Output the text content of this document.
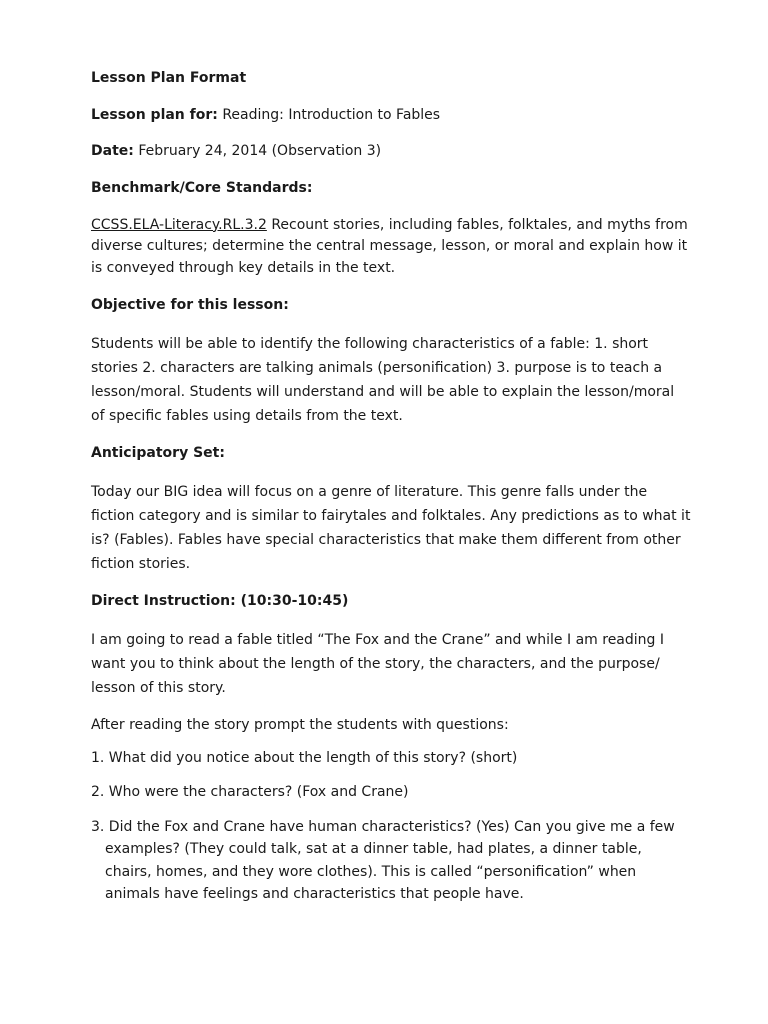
Lesson Plan Format

Lesson plan for: Reading: Introduction to Fables

Date: February 24, 2014 (Observation 3)

Benchmark/Core Standards:

CCSS.ELA-Literacy.RL.3.2 Recount stories, including fables, folktales, and myths from diverse cultures; determine the central message, lesson, or moral and explain how it is conveyed through key details in the text.

Objective for this lesson:

Students will be able to identify the following characteristics of a fable: 1. short stories 2. characters are talking animals (personification) 3. purpose is to teach a lesson/moral. Students will understand and will be able to explain the lesson/moral of specific fables using details from the text.

Anticipatory Set:

Today our BIG idea will focus on a genre of literature. This genre falls under the fiction category and is similar to fairytales and folktales. Any predictions as to what it is? (Fables). Fables have special characteristics that make them different from other fiction stories.

Direct Instruction: (10:30-10:45)

I am going to read a fable titled “The Fox and the Crane” and while I am reading I want you to think about the length of the story, the characters, and the purpose/ lesson of this story.

After reading the story prompt the students with questions:

1. What did you notice about the length of this story? (short)

2. Who were the characters? (Fox and Crane)

3. Did the Fox and Crane have human characteristics? (Yes) Can you give me a few examples? (They could talk, sat at a dinner table, had plates, a dinner table, chairs, homes, and they wore clothes). This is called “personification” when animals have feelings and characteristics that people have.
